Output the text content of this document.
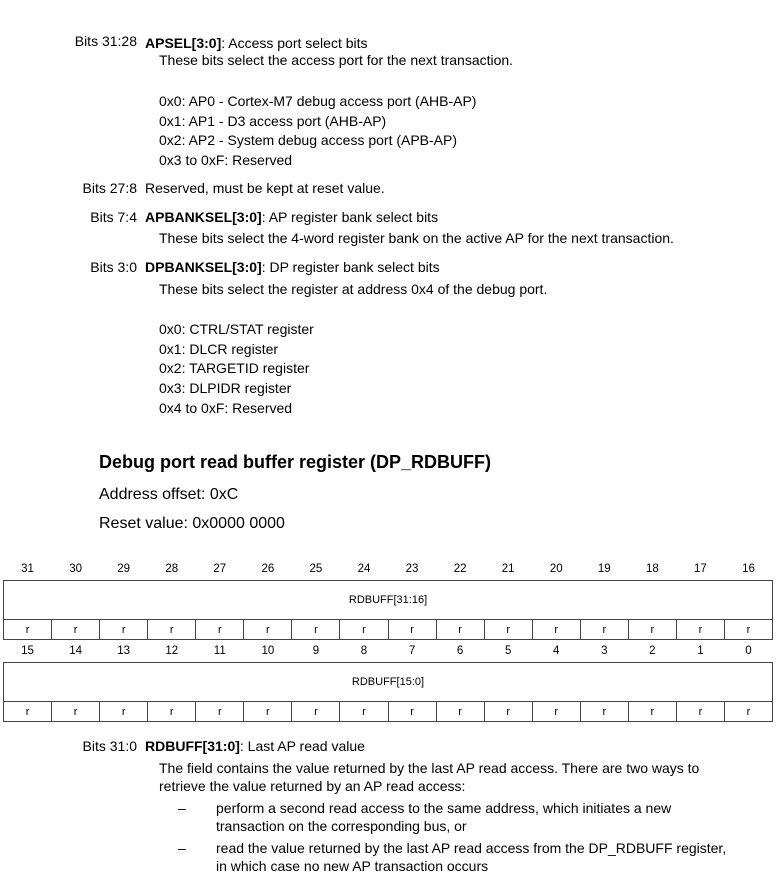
Bits 31:28 APSEL[3:0]: Access port select bits
These bits select the access port for the next transaction.
0x0: AP0 - Cortex-M7 debug access port (AHB-AP)
0x1: AP1 - D3 access port (AHB-AP)
0x2: AP2 - System debug access port (APB-AP)
0x3 to 0xF: Reserved
Bits 27:8 Reserved, must be kept at reset value.
Bits 7:4 APBANKSEL[3:0]: AP register bank select bits
These bits select the 4-word register bank on the active AP for the next transaction.
Bits 3:0 DPBANKSEL[3:0]: DP register bank select bits
These bits select the register at address 0x4 of the debug port.
0x0: CTRL/STAT register
0x1: DLCR register
0x2: TARGETID register
0x3: DLPIDR register
0x4 to 0xF: Reserved
Debug port read buffer register (DP_RDBUFF)
Address offset: 0xC
Reset value: 0x0000 0000
31	30	29	28	27	26	25	24	23	22	21	20	19	18	17	16
RDBUFF[31:16]															
r	r	r	r	r	r	r	r	r	r	r	r	r	r	r	r
15	14	13	12	11	10	9	8	7	6	5	4	3	2	1	0
RDBUFF[15:0]															
r	r	r	r	r	r	r	r	r	r	r	r	r	r	r	r
Bits 31:0 RDBUFF[31:0]: Last AP read value
The field contains the value returned by the last AP read access. There are two ways to
retrieve the value returned by an AP read access:
– perform a second read access to the same address, which initiates a new
transaction on the corresponding bus, or
– read the value returned by the last AP read access from the DP_RDBUFF register,
in which case no new AP transaction occurs
